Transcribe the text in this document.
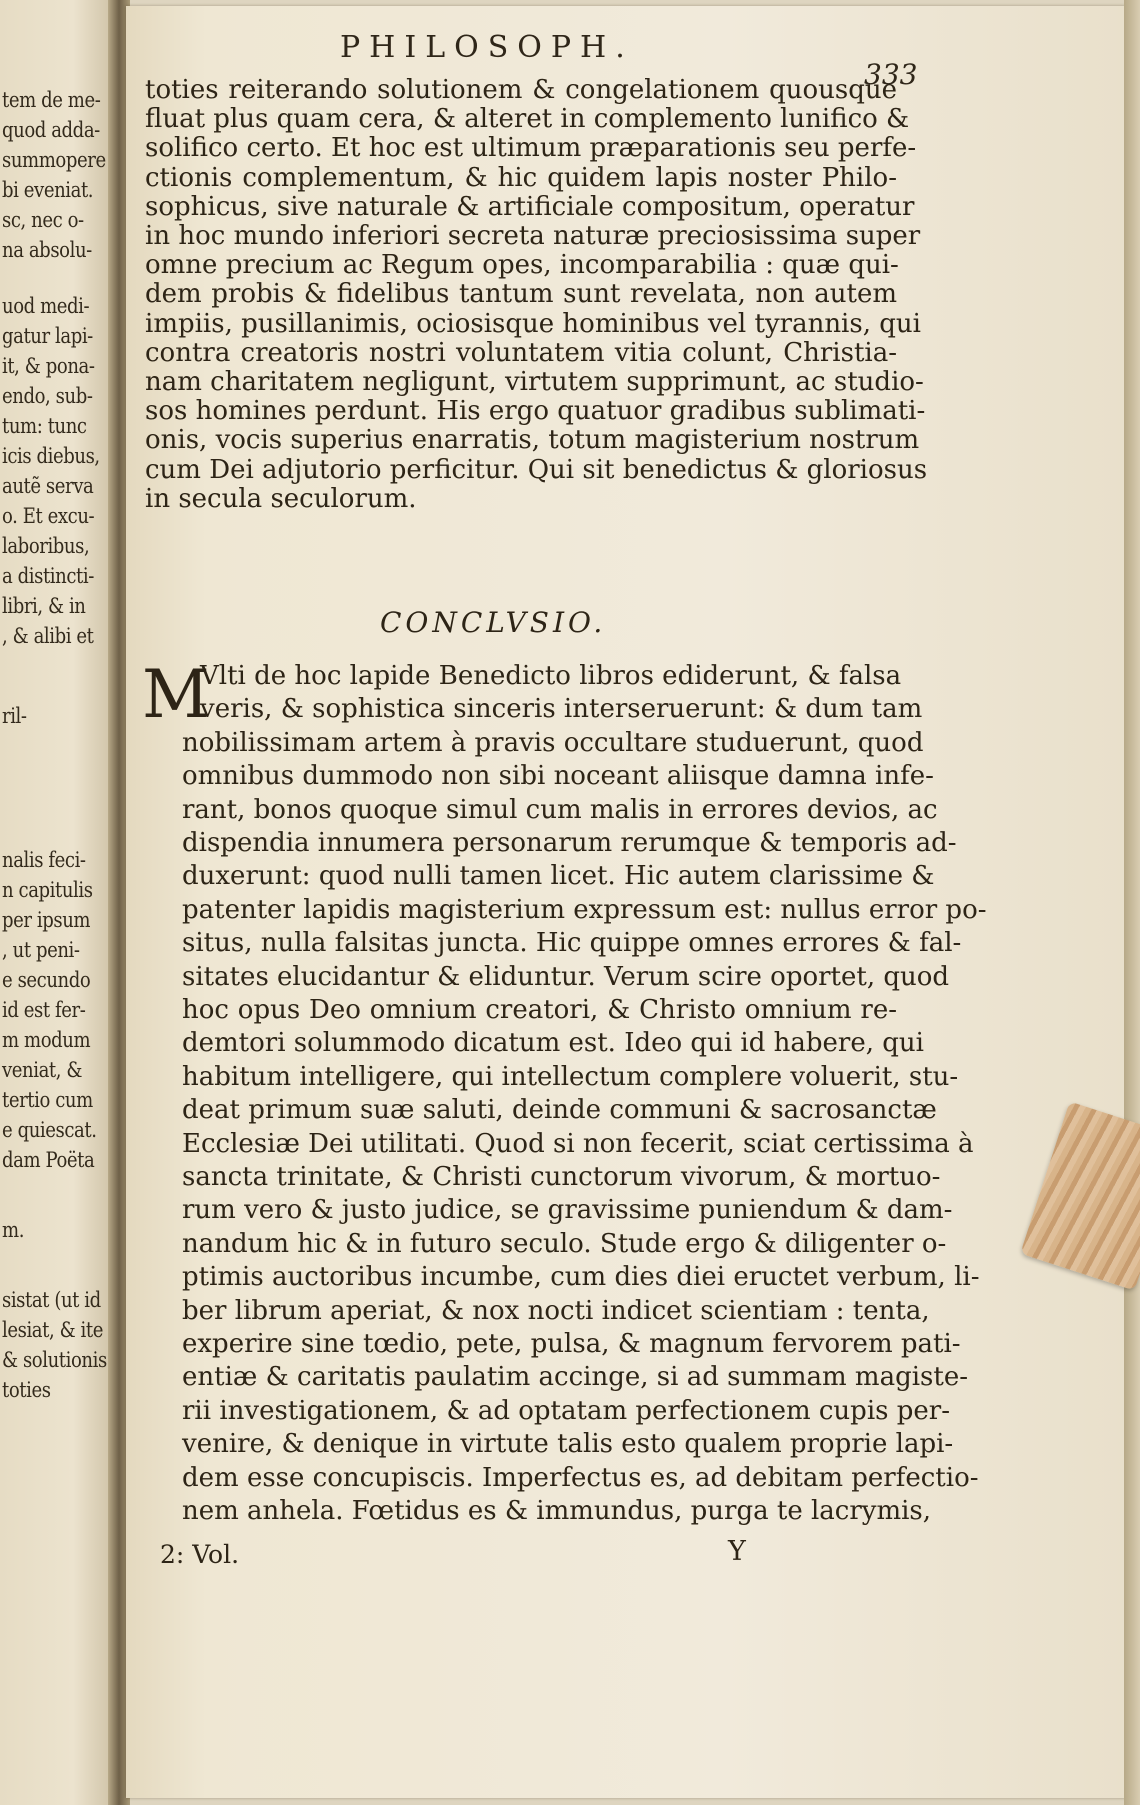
tem de me-
quod adda-
summopere
bi eveniat.
sc, nec o-
na absolu-
uod medi-
gatur lapi-
it, & pona-
endo, sub-
tum: tunc
icis diebus,
autẽ serva
o. Et excu-
laboribus,
a distincti-
libri, & in
, & alibi et
ril-
nalis feci-
n capitulis
per ipsum
, ut peni-
e secundo
id est fer-
m modum
veniat, &
tertio cum
e quiescat.
dam Poëta
m.
sistat (ut id
lesiat, & ite
& solutionis
toties
PHILOSOPH.
333
toties reiterando solutionem & congelationem quousque
fluat plus quam cera, & alteret in complemento lunifico &
solifico certo. Et hoc est ultimum præparationis seu perfe-
ctionis complementum, & hic quidem lapis noster Philo-
sophicus, sive naturale & artificiale compositum, operatur
in hoc mundo inferiori secreta naturæ preciosissima super
omne precium ac Regum opes, incomparabilia : quæ qui-
dem probis & fidelibus tantum sunt revelata, non autem
impiis, pusillanimis, ociosisque hominibus vel tyrannis, qui
contra creatoris nostri voluntatem vitia colunt, Christia-
nam charitatem negligunt, virtutem supprimunt, ac studio-
sos homines perdunt. His ergo quatuor gradibus sublimati-
onis, vocis superius enarratis, totum magisterium nostrum
cum Dei adjutorio perficitur. Qui sit benedictus & gloriosus
in secula seculorum.
CONCLVSIO.
M
Vlti de hoc lapide Benedicto libros ediderunt, & falsa
veris, & sophistica sinceris interseruerunt: & dum tam
nobilissimam artem à pravis occultare studuerunt, quod
omnibus dummodo non sibi noceant aliisque damna infe-
rant, bonos quoque simul cum malis in errores devios, ac
dispendia innumera personarum rerumque & temporis ad-
duxerunt: quod nulli tamen licet. Hic autem clarissime &
patenter lapidis magisterium expressum est: nullus error po-
situs, nulla falsitas juncta. Hic quippe omnes errores & fal-
sitates elucidantur & eliduntur. Verum scire oportet, quod
hoc opus Deo omnium creatori, & Christo omnium re-
demtori solummodo dicatum est. Ideo qui id habere, qui
habitum intelligere, qui intellectum complere voluerit, stu-
deat primum suæ saluti, deinde communi & sacrosanctæ
Ecclesiæ Dei utilitati. Quod si non fecerit, sciat certissima à
sancta trinitate, & Christi cunctorum vivorum, & mortuo-
rum vero & justo judice, se gravissime puniendum & dam-
nandum hic & in futuro seculo. Stude ergo & diligenter o-
ptimis auctoribus incumbe, cum dies diei eructet verbum, li-
ber librum aperiat, & nox nocti indicet scientiam : tenta,
experire sine tœdio, pete, pulsa, & magnum fervorem pati-
entiæ & caritatis paulatim accinge, si ad summam magiste-
rii investigationem, & ad optatam perfectionem cupis per-
venire, & denique in virtute talis esto qualem proprie lapi-
dem esse concupiscis. Imperfectus es, ad debitam perfectio-
nem anhela. Fœtidus es & immundus, purga te lacrymis,
2: Vol.	Y
